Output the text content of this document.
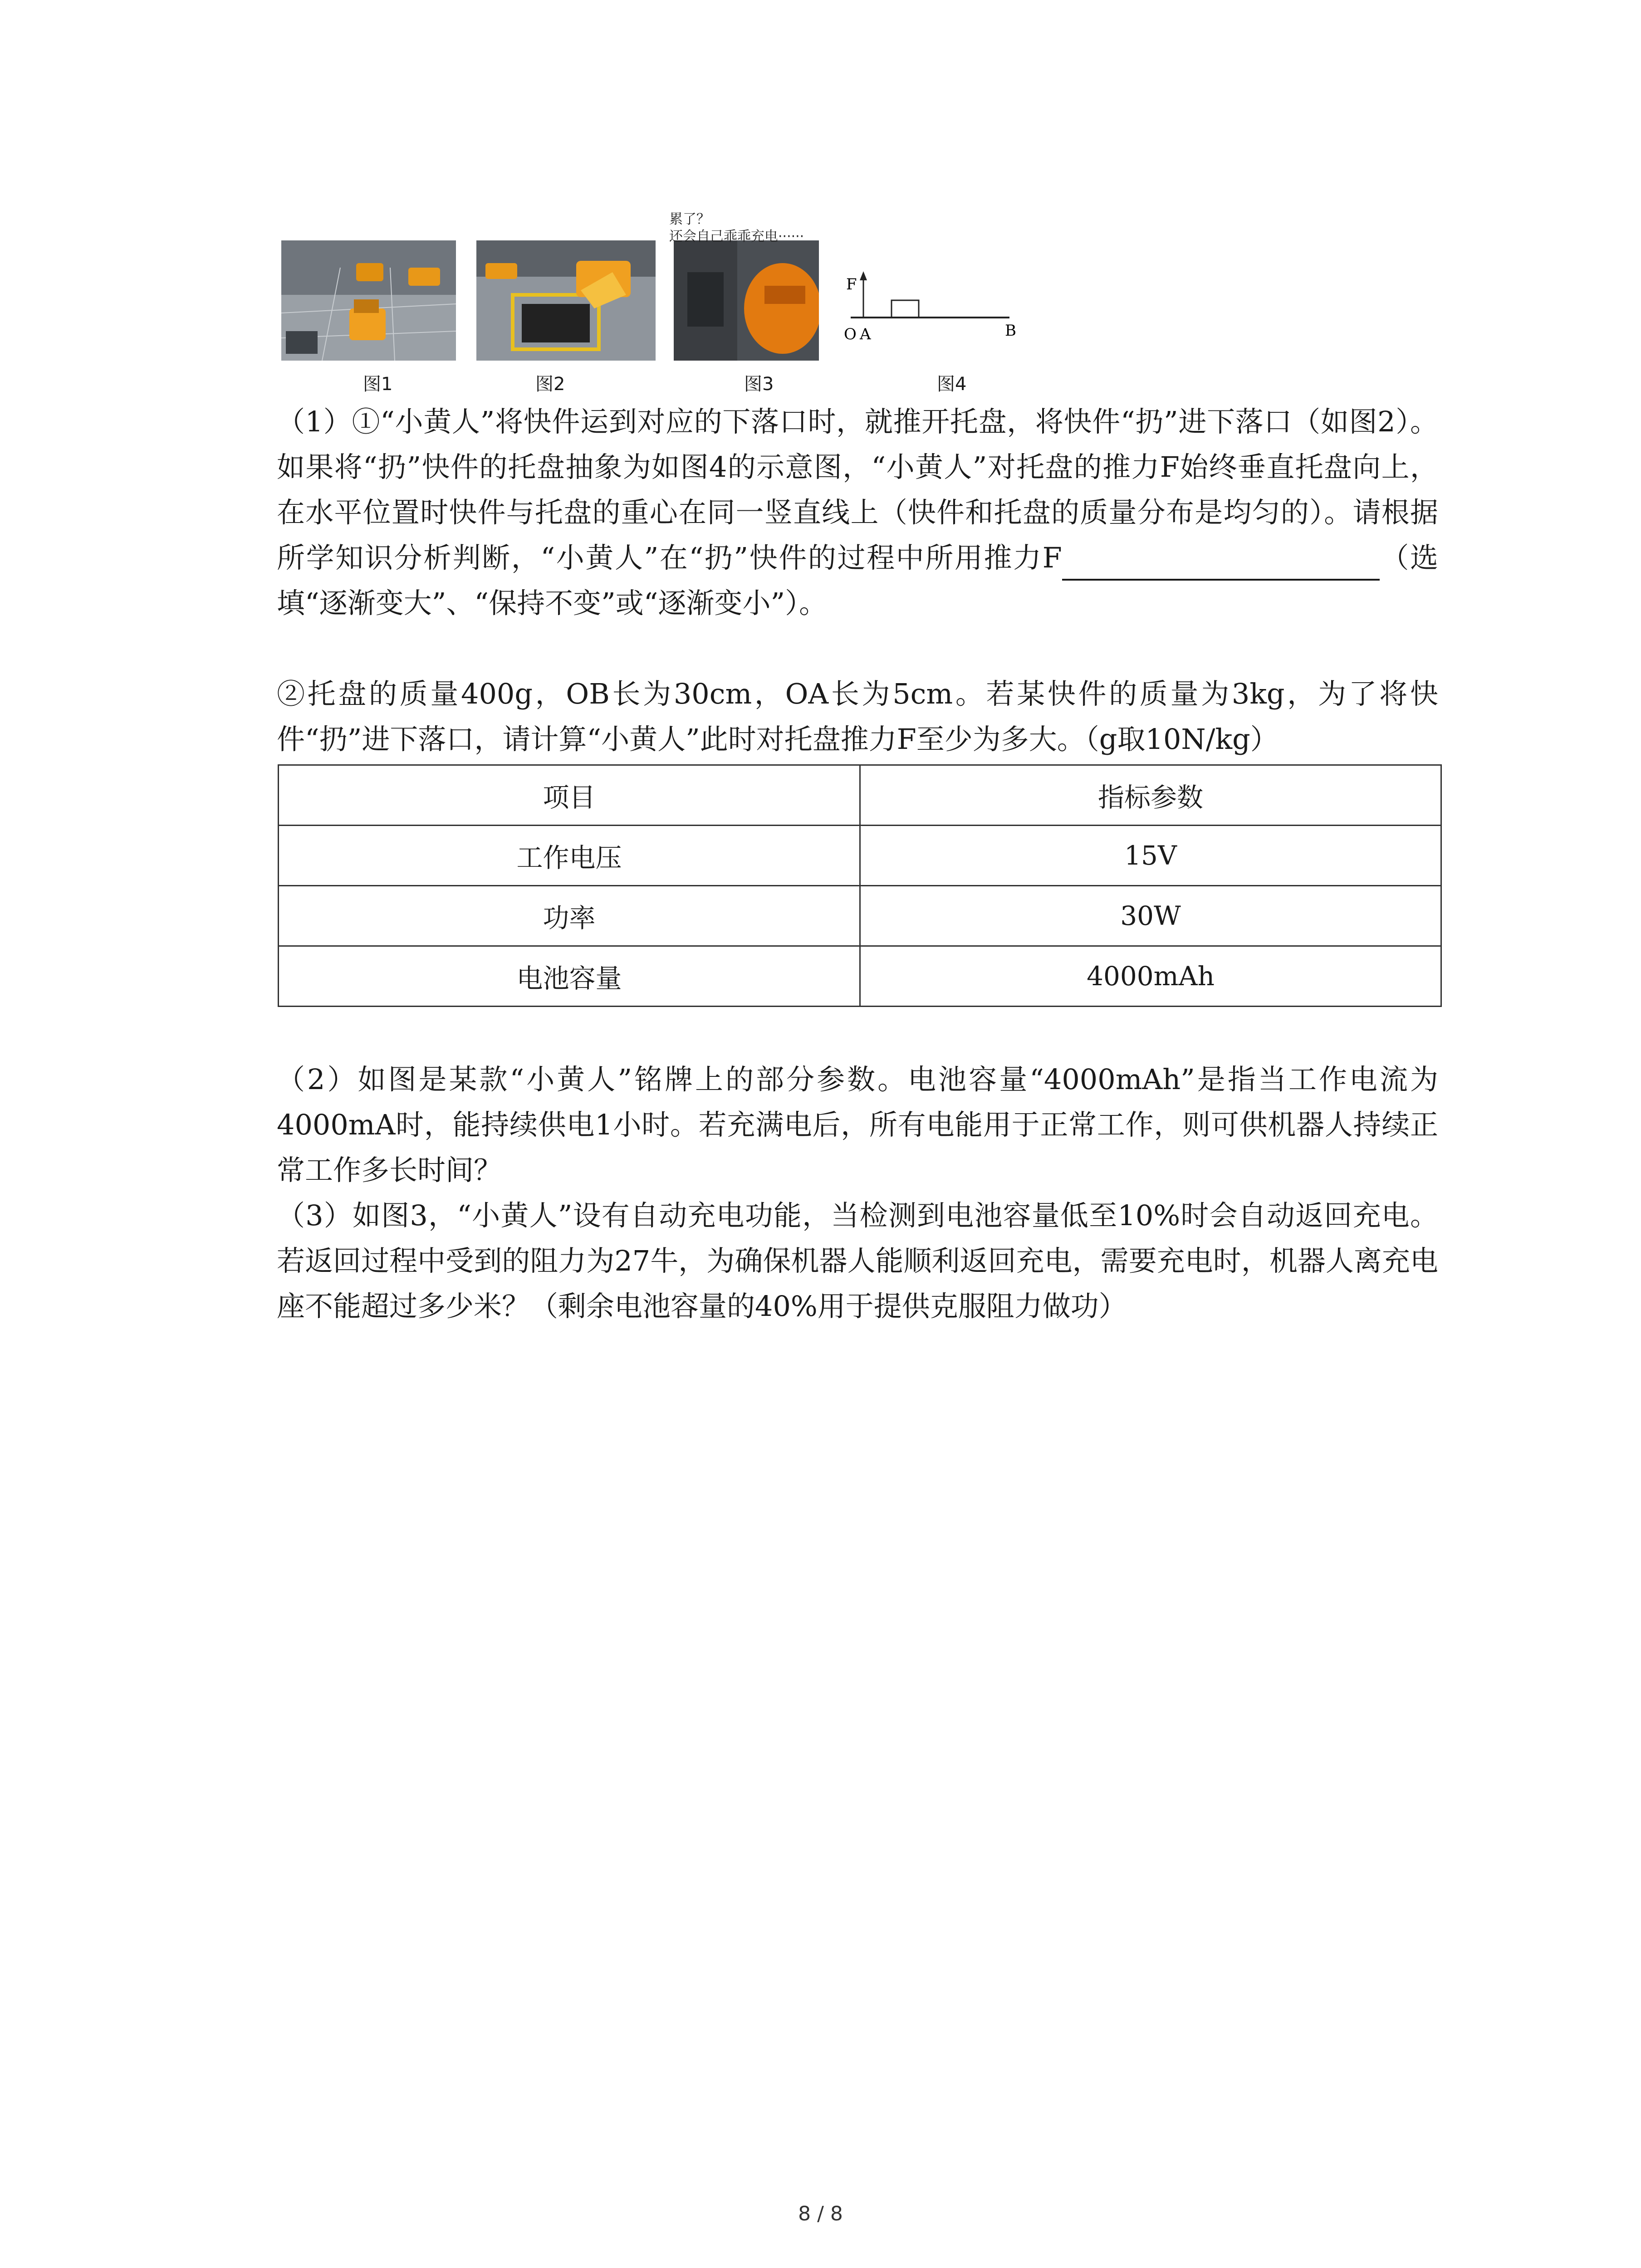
累了？
还会自己乖乖充电······
F
O A	B
图1	图2	图3	图4
（1）①“小黄人”将快件运到对应的下落口时，就推开托盘，将快件“扔”进下落口（如图2）。如果将“扔”快件的托盘抽象为如图4的示意图，“小黄人”对托盘的推力F始终垂直托盘向上，在水平位置时快件与托盘的重心在同一竖直线上（快件和托盘的质量分布是均匀的）。请根据所学知识分析判断，“小黄人”在“扔”快件的过程中所用推力F	（选填“逐渐变大”、“保持不变”或“逐渐变小”）。
②托盘的质量400g，OB长为30cm，OA长为5cm。若某快件的质量为3kg，为了将快件“扔”进下落口，请计算“小黄人”此时对托盘推力F至少为多大。（g取10N/kg）
项目	指标参数
工作电压	15V
功率	30W
电池容量	4000mAh
（2）如图是某款“小黄人”铭牌上的部分参数。电池容量“4000mAh”是指当工作电流为4000mA时，能持续供电1小时。若充满电后，所有电能用于正常工作，则可供机器人持续正常工作多长时间？
（3）如图3，“小黄人”设有自动充电功能，当检测到电池容量低至10%时会自动返回充电。若返回过程中受到的阻力为27牛，为确保机器人能顺利返回充电，需要充电时，机器人离充电座不能超过多少米？（剩余电池容量的40%用于提供克服阻力做功）
8 / 8
